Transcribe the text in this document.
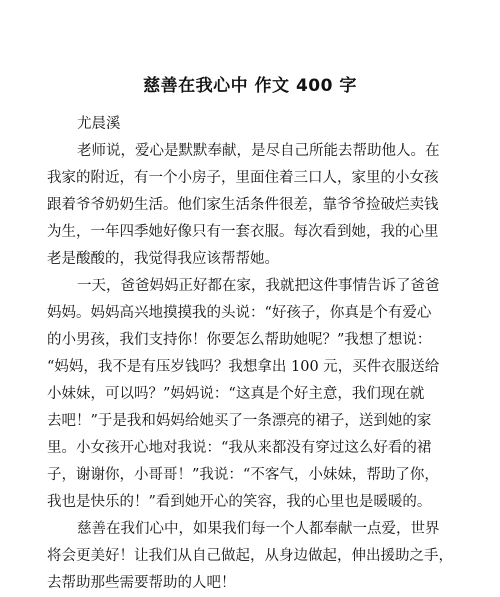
慈善在我心中 作文 400 字
尤晨溪
老师说，爱心是默默奉献，是尽自己所能去帮助他人。在
我家的附近，有一个小房子，里面住着三口人，家里的小女孩
跟着爷爷奶奶生活。他们家生活条件很差，靠爷爷捡破烂卖钱
为生，一年四季她好像只有一套衣服。每次看到她，我的心里
老是酸酸的，我觉得我应该帮帮她。
一天，爸爸妈妈正好都在家，我就把这件事情告诉了爸爸
妈妈。妈妈高兴地摸摸我的头说：“好孩子，你真是个有爱心
的小男孩，我们支持你！你要怎么帮助她呢？”我想了想说：
“妈妈，我不是有压岁钱吗？我想拿出 100 元，买件衣服送给
小妹妹，可以吗？”妈妈说：“这真是个好主意，我们现在就
去吧！”于是我和妈妈给她买了一条漂亮的裙子，送到她的家
里。小女孩开心地对我说：“我从来都没有穿过这么好看的裙
子，谢谢你，小哥哥！”我说：“不客气，小妹妹，帮助了你，
我也是快乐的！”看到她开心的笑容，我的心里也是暖暖的。
慈善在我们心中，如果我们每一个人都奉献一点爱，世界
将会更美好！让我们从自己做起，从身边做起，伸出援助之手，
去帮助那些需要帮助的人吧！
